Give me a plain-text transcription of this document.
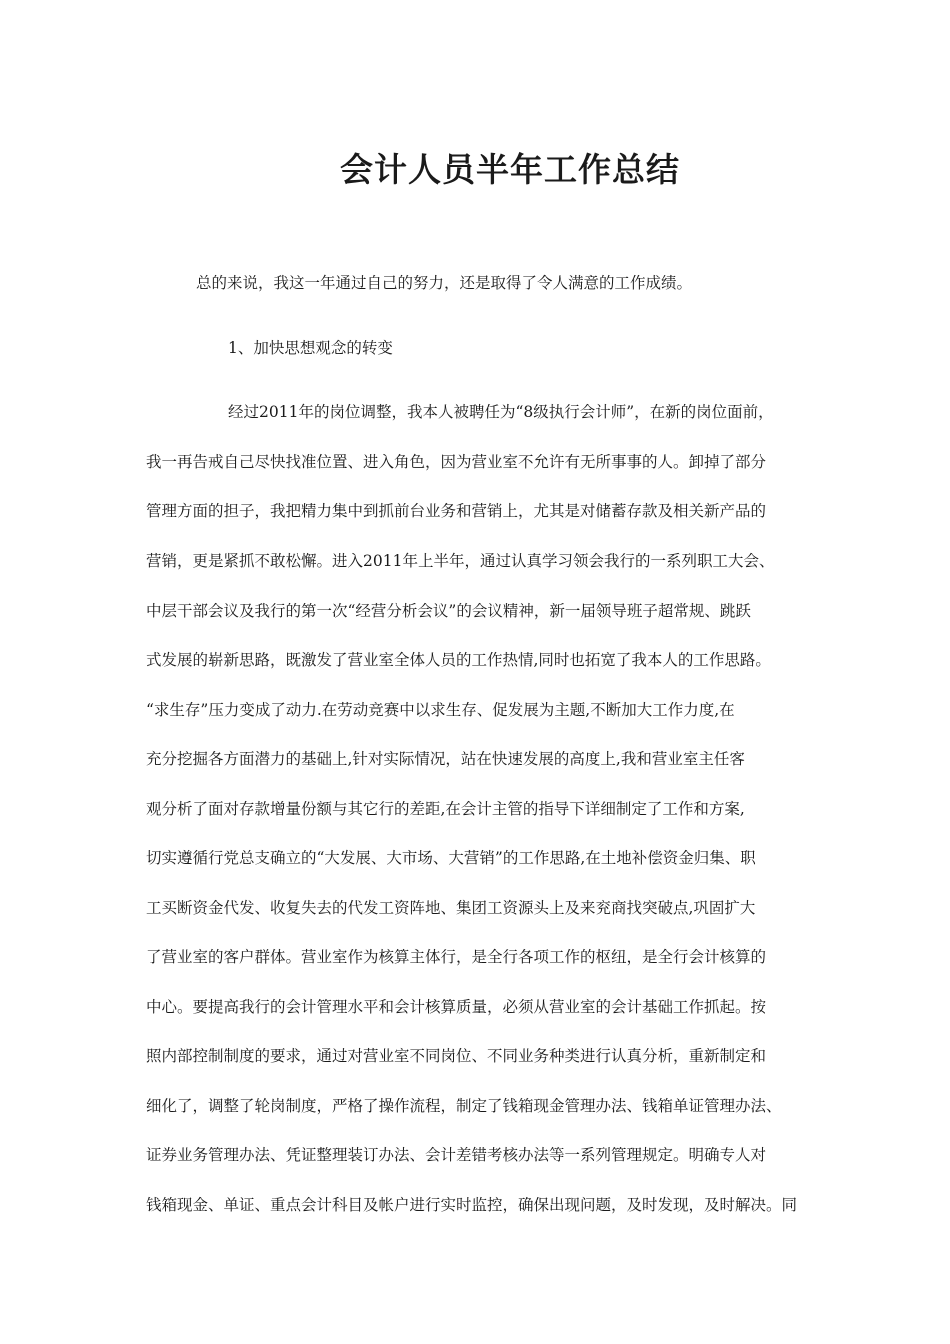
会计人员半年工作总结
总的来说，我这一年通过自己的努力，还是取得了令人满意的工作成绩。
1、加快思想观念的转变
经过2011年的岗位调整，我本人被聘任为“8级执行会计师”，在新的岗位面前，
我一再告戒自己尽快找准位置、进入角色，因为营业室不允许有无所事事的人。卸掉了部分
管理方面的担子，我把精力集中到抓前台业务和营销上，尤其是对储蓄存款及相关新产品的
营销，更是紧抓不敢松懈。进入2011年上半年，通过认真学习领会我行的一系列职工大会、
中层干部会议及我行的第一次“经营分析会议”的会议精神，新一届领导班子超常规、跳跃
式发展的崭新思路，既激发了营业室全体人员的工作热情,同时也拓宽了我本人的工作思路。
“求生存”压力变成了动力.在劳动竞赛中以求生存、促发展为主题,不断加大工作力度,在
充分挖掘各方面潜力的基础上,针对实际情况，站在快速发展的高度上,我和营业室主任客
观分析了面对存款增量份额与其它行的差距,在会计主管的指导下详细制定了工作和方案,
切实遵循行党总支确立的“大发展、大市场、大营销”的工作思路,在土地补偿资金归集、职
工买断资金代发、收复失去的代发工资阵地、集团工资源头上及来兖商找突破点,巩固扩大
了营业室的客户群体。营业室作为核算主体行，是全行各项工作的枢纽，是全行会计核算的
中心。要提高我行的会计管理水平和会计核算质量，必须从营业室的会计基础工作抓起。按
照内部控制制度的要求，通过对营业室不同岗位、不同业务种类进行认真分析，重新制定和
细化了，调整了轮岗制度，严格了操作流程，制定了钱箱现金管理办法、钱箱单证管理办法、
证券业务管理办法、凭证整理装订办法、会计差错考核办法等一系列管理规定。明确专人对
钱箱现金、单证、重点会计科目及帐户进行实时监控，确保出现问题，及时发现，及时解决。同
